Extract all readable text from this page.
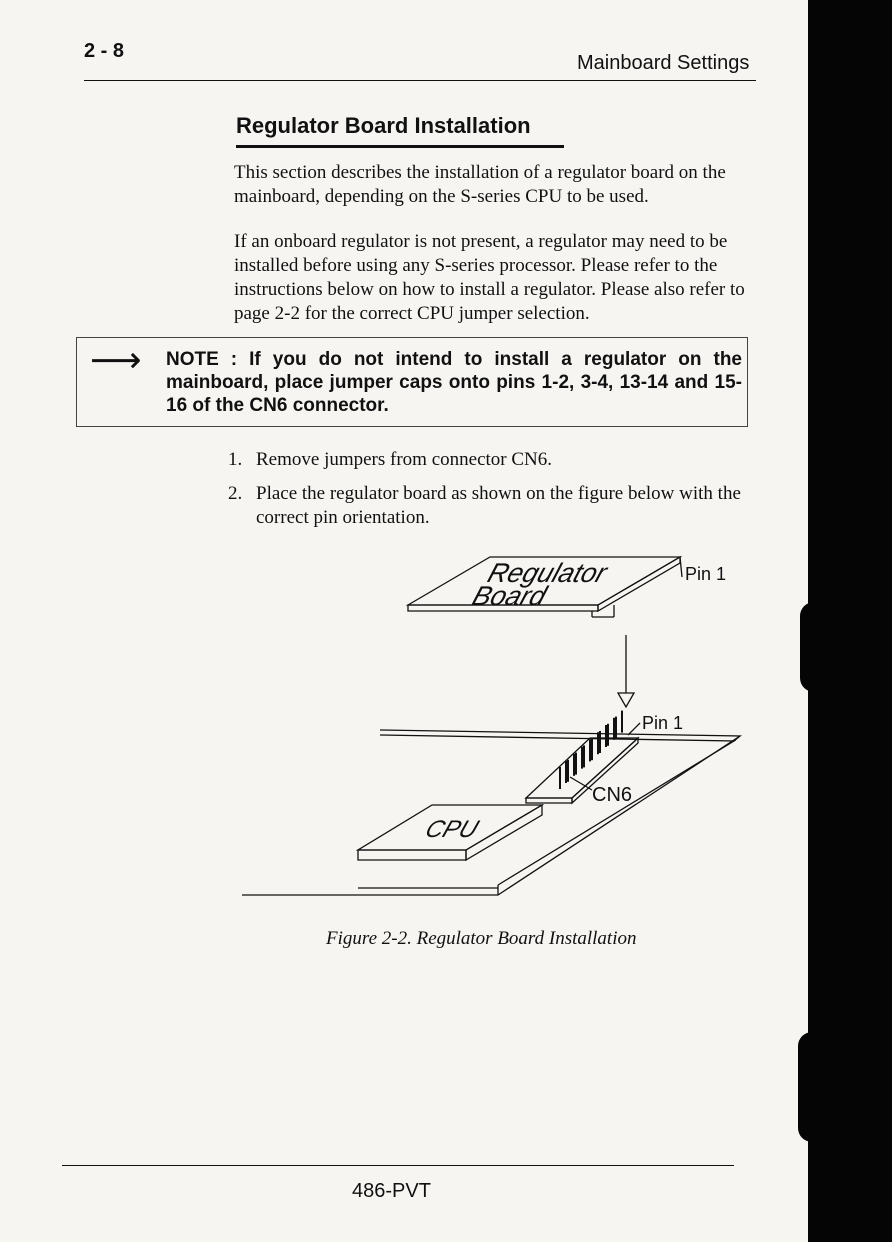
2 - 8
Mainboard Settings
Regulator Board Installation

This section describes the installation of a regulator board on the mainboard, depending on the S-series CPU to be used.

If an onboard regulator is not present, a regulator may need to be installed before using any S-series processor. Please refer to the instructions below on how to install a regulator. Please also refer to page 2-2 for the correct CPU jumper selection.

⟶ NOTE : If you do not intend to install a regulator on the mainboard, place jumper caps onto pins 1-2, 3-4, 13-14 and 15-16 of the CN6 connector.
1. Remove jumpers from connector CN6.
2. Place the regulator board as shown on the figure below with the correct pin orientation.
Regulator
Board
Pin 1
Pin 1
CN6
CPU
Figure 2-2. Regulator Board Installation
486-PVT
